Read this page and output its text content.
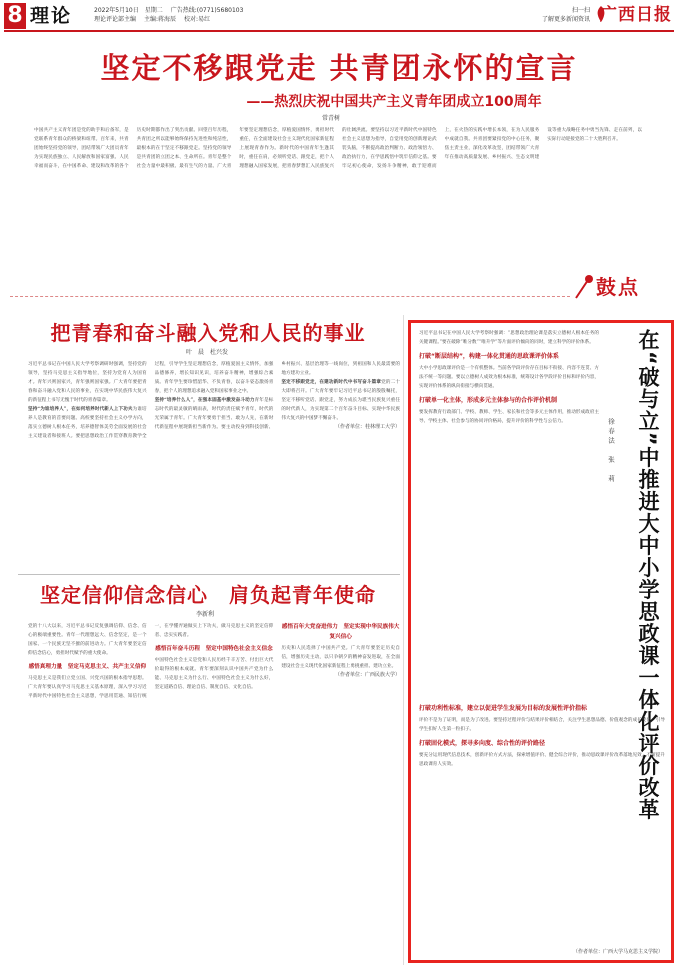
8 理论	2022年5月10日　星期二 广告热线:(0771)5680103
理论评论部主编 主编:蒋海辰 校对:易红
扫一扫
了解更多新闻资讯 广西日报
坚定不移跟党走 共青团永怀的宣言
——热烈庆祝中国共产主义青年团成立100周年
常青树

中国共产主义青年团是党的助手和后备军，是党联系青年群众的桥梁和纽带。百年来，共青团始终坚持党的领导，团结带领广大团员青年为实现民族独立、人民解放和国家富强、人民幸福而奋斗，在中国革命、建设和改革的各个历史时期都作出了突出贡献。回望百年历程，共青团之所以能够始终保持先进性和纯洁性，最根本的在于坚定不移跟党走。坚持党的领导是共青团的立团之本、生命所在。青年是整个社会力量中最积极、最有生气的力量。广大青年要坚定理想信念，厚植爱国情怀，勇担时代重任，在全面建设社会主义现代化国家新征程上展现青春作为。新时代的中国青年生逢其时，重任在肩，必须听党话、跟党走，把个人理想融入国家发展，把青春梦想汇入民族复兴的壮阔洪流。要坚持以习近平新时代中国特色社会主义思想为指导，自觉用党的创新理论武装头脑，不断提高政治判断力、政治领悟力、政治执行力，在学思践悟中筑牢信仰之基。要牢记初心使命，发扬斗争精神，敢于迎难而上，在火热的实践中增长本领，在为人民服务中成就自我。共青团要紧扣党的中心任务，聚焦主责主业，深化改革攻坚，团结带领广大青年在推动高质量发展、乡村振兴、生态文明建设等重大战略任务中勇当先锋、走在前列，以实际行动迎接党的二十大胜利召开。

鼓点
把青春和奋斗融入党和人民的事业
叶　晨　杜兴发

习近平总书记在中国人民大学考察调研时强调，坚持党的领导，坚持马克思主义指导地位，坚持为党育人为国育才。青年兴则国家兴，青年强则国家强。广大青年要把青春和奋斗融入党和人民的事业，在实现中华民族伟大复兴的新征程上书写无愧于时代的青春篇章。

坚持“为谁培养人”，在如何培养时代新人上下功夫为谁培养人是教育的首要问题。高校要坚持社会主义办学方向，落实立德树人根本任务，培养德智体美劳全面发展的社会主义建设者和接班人。要把思想政治工作贯穿教育教学全过程，引导学生坚定理想信念，厚植爱国主义情怀，加强品德修养，增长知识见识，培养奋斗精神，增强综合素质。青年学生要珍惜韶华、不负青春，以奋斗姿态激扬青春，把个人的理想追求融入党和国家事业之中。

坚持“培养什么人”，在强本固基中激发奋斗动力青年是标志时代的最灵敏的晴雨表，时代的责任赋予青年，时代的光荣属于青年。广大青年要勇于担当、敢为人先，在新时代新征程中展现新担当新作为。要主动投身到科技创新、乡村振兴、基层治理等一线岗位，到祖国和人民最需要的地方建功立业。

坚定不移跟党走，在建功新时代中书写奋斗篇章党的二十大即将召开。广大青年要牢记习近平总书记的殷殷嘱托，坚定不移听党话、跟党走，努力成长为堪当民族复兴重任的时代新人，为实现第二个百年奋斗目标、实现中华民族伟大复兴的中国梦不懈奋斗。

（作者单位：桂林理工大学）
坚定信仰信念信心　肩负起青年使命
李新利

党的十八大以来，习近平总书记反复强调信仰、信念、信心的极端重要性。青年一代理想远大、信念坚定，是一个国家、一个民族无坚不摧的前进动力。广大青年要坚定信仰信念信心，勇担时代赋予的重大使命。

感悟真理力量　坚定马克思主义、共产主义信仰

马克思主义是我们立党立国、兴党兴国的根本指导思想。广大青年要认真学习马克思主义基本原理，深入学习习近平新时代中国特色社会主义思想，学思用贯通、知信行统一，在学懂弄通做实上下功夫，做马克思主义的坚定信仰者、忠实实践者。

感悟百年奋斗历程　坚定中国特色社会主义信念

中国特色社会主义是党和人民历经千辛万苦、付出巨大代价取得的根本成就。青年要深刻认识中国共产党为什么能、马克思主义为什么行、中国特色社会主义为什么好，坚定道路自信、理论自信、制度自信、文化自信。

感悟百年大党奋进伟力　坚定实现中华民族伟大复兴信心

历史和人民选择了中国共产党。广大青年要坚定历史自信，增强历史主动，以只争朝夕的精神奋发进取，在全面建设社会主义现代化国家新征程上勇挑重担、建功立业。

（作者单位：广西民族大学）	在“破与立”中推进大中小学思政课一体化评价改革
徐春法　张　莉

习近平总书记在中国人民大学考察时强调：“思想政治理论课是落实立德树人根本任务的关键课程。”要在破除“唯分数”“唯升学”等片面评价倾向的同时，建立科学的评价体系。

打破“断层结构”，构建一体化贯通的思政课评价体系

大中小学思政课评价是一个有机整体。当前各学段评价存在目标不衔接、内容不连贯、方法不统一等问题。要以立德树人成效为根本标准，统筹设计各学段评价目标和评价内容，实现评价体系的纵向衔接与横向贯通。

打破单一化主体，形成多元主体参与的合作评价机制

要发挥教育行政部门、学校、教师、学生、家长和社会等多元主体作用，推动形成政府主导、学校主体、社会参与的协同评价格局，提升评价的科学性与公信力。

打破功利性标准，建立以促进学生发展为目标的发展性评价指标

评价不是为了证明，而是为了改进。要坚持过程评价与结果评价相结合，关注学生思想品德、价值观念的成长变化，引导学生扣好人生第一粒扣子。

打破固化模式，探寻多向度、综合性的评价路径

要充分运用现代信息技术，创新评价方式方法，探索增值评价、健全综合评价，推动思政课评价改革落地见效，不断提升思政课育人实效。

（作者单位：广西大学马克思主义学院）
